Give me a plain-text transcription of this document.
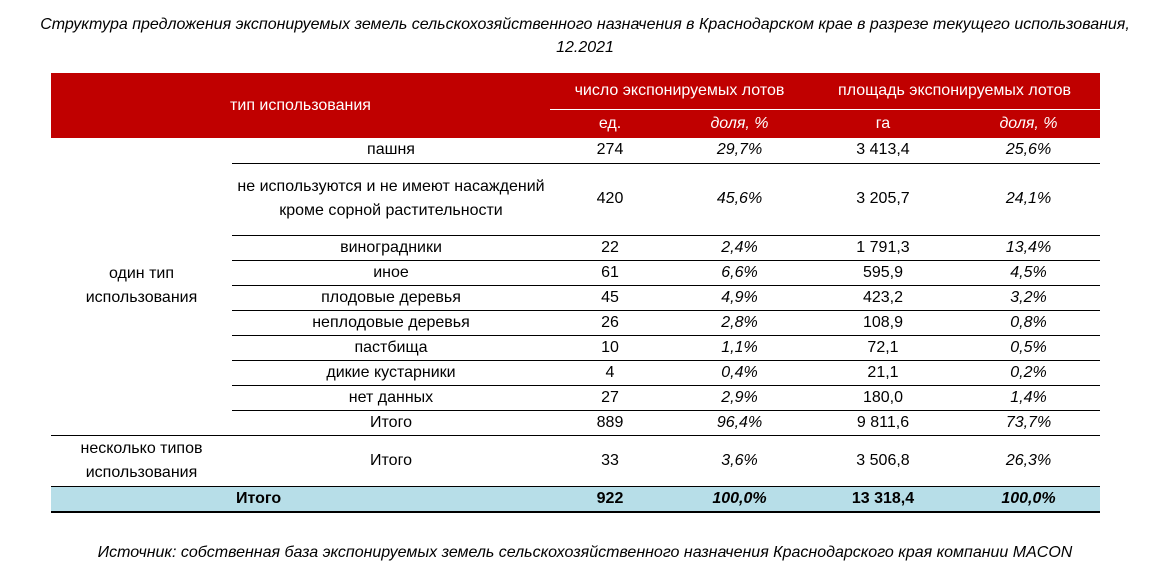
Структура предложения экспонируемых земель сельскохозяйственного назначения в Краснодарском крае в разрезе текущего использования, 12.2021
тип использования		число экспонируемых лотов		площадь экспонируемых лотов	
		ед.	доля, %	га	доля, %
один тип использования	пашня	274	29,7%	3 413,4	25,6%
	не используются и не имеют насаждений кроме сорной растительности	420	45,6%	3 205,7	24,1%
	виноградники	22	2,4%	1 791,3	13,4%
	иное	61	6,6%	595,9	4,5%
	плодовые деревья	45	4,9%	423,2	3,2%
	неплодовые деревья	26	2,8%	108,9	0,8%
	пастбища	10	1,1%	72,1	0,5%
	дикие кустарники	4	0,4%	21,1	0,2%
	нет данных	27	2,9%	180,0	1,4%
	Итого	889	96,4%	9 811,6	73,7%
несколько типов использования	Итого	33	3,6%	3 506,8	26,3%
Итого		922	100,0%	13 318,4	100,0%
Источник: собственная база экспонируемых земель сельскохозяйственного назначения Краснодарского края компании MACON
